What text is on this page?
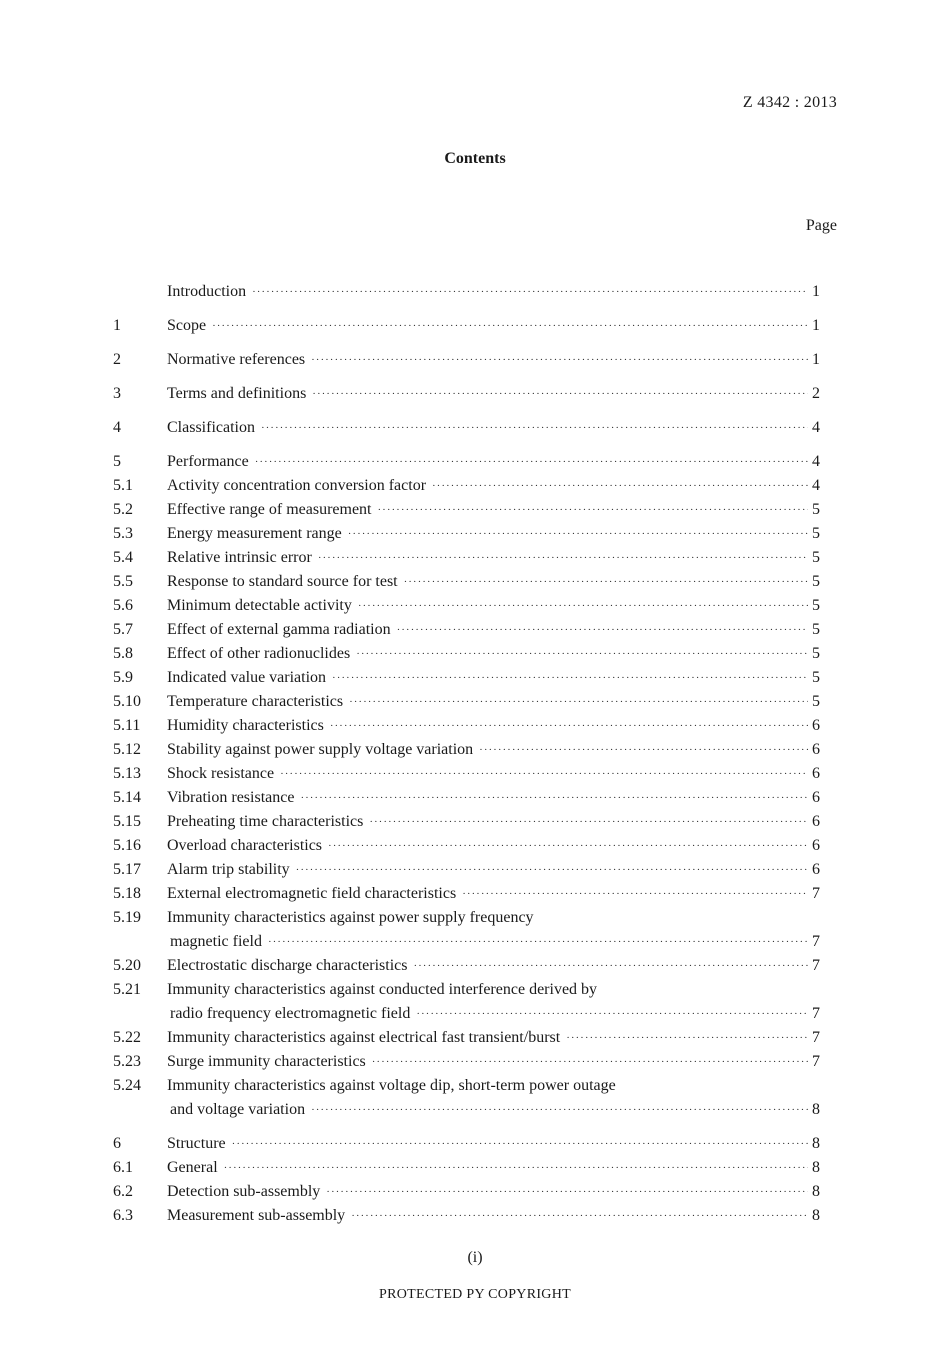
Z 4342 : 2013
Contents
Page
Introduction ·····	1
1	Scope ·····	1
2	Normative references ·····	1
3	Terms and definitions ·····	2
4	Classification ·····	4
5	Performance ·····	4
5.1	Activity concentration conversion factor ·····	4
5.2	Effective range of measurement ·····	5
5.3	Energy measurement range ·····	5
5.4	Relative intrinsic error ·····	5
5.5	Response to standard source for test ·····	5
5.6	Minimum detectable activity ·····	5
5.7	Effect of external gamma radiation ·····	5
5.8	Effect of other radionuclides ·····	5
5.9	Indicated value variation ·····	5
5.10	Temperature characteristics ·····	5
5.11	Humidity characteristics ·····	6
5.12	Stability against power supply voltage variation ·····	6
5.13	Shock resistance ·····	6
5.14	Vibration resistance ·····	6
5.15	Preheating time characteristics ·····	6
5.16	Overload characteristics ·····	6
5.17	Alarm trip stability ·····	6
5.18	External electromagnetic field characteristics ·····	7
5.19	Immunity characteristics against power supply frequency
magnetic field ·····	7
5.20	Electrostatic discharge characteristics ·····	7
5.21	Immunity characteristics against conducted interference derived by
radio frequency electromagnetic field ·····	7
5.22	Immunity characteristics against electrical fast transient/burst ·····	7
5.23	Surge immunity characteristics ·····	7
5.24	Immunity characteristics against voltage dip, short-term power outage
and voltage variation ·····	8
6	Structure ·····	8
6.1	General ·····	8
6.2	Detection sub-assembly ·····	8
6.3	Measurement sub-assembly ·····	8
(i)
PROTECTED PY COPYRIGHT
